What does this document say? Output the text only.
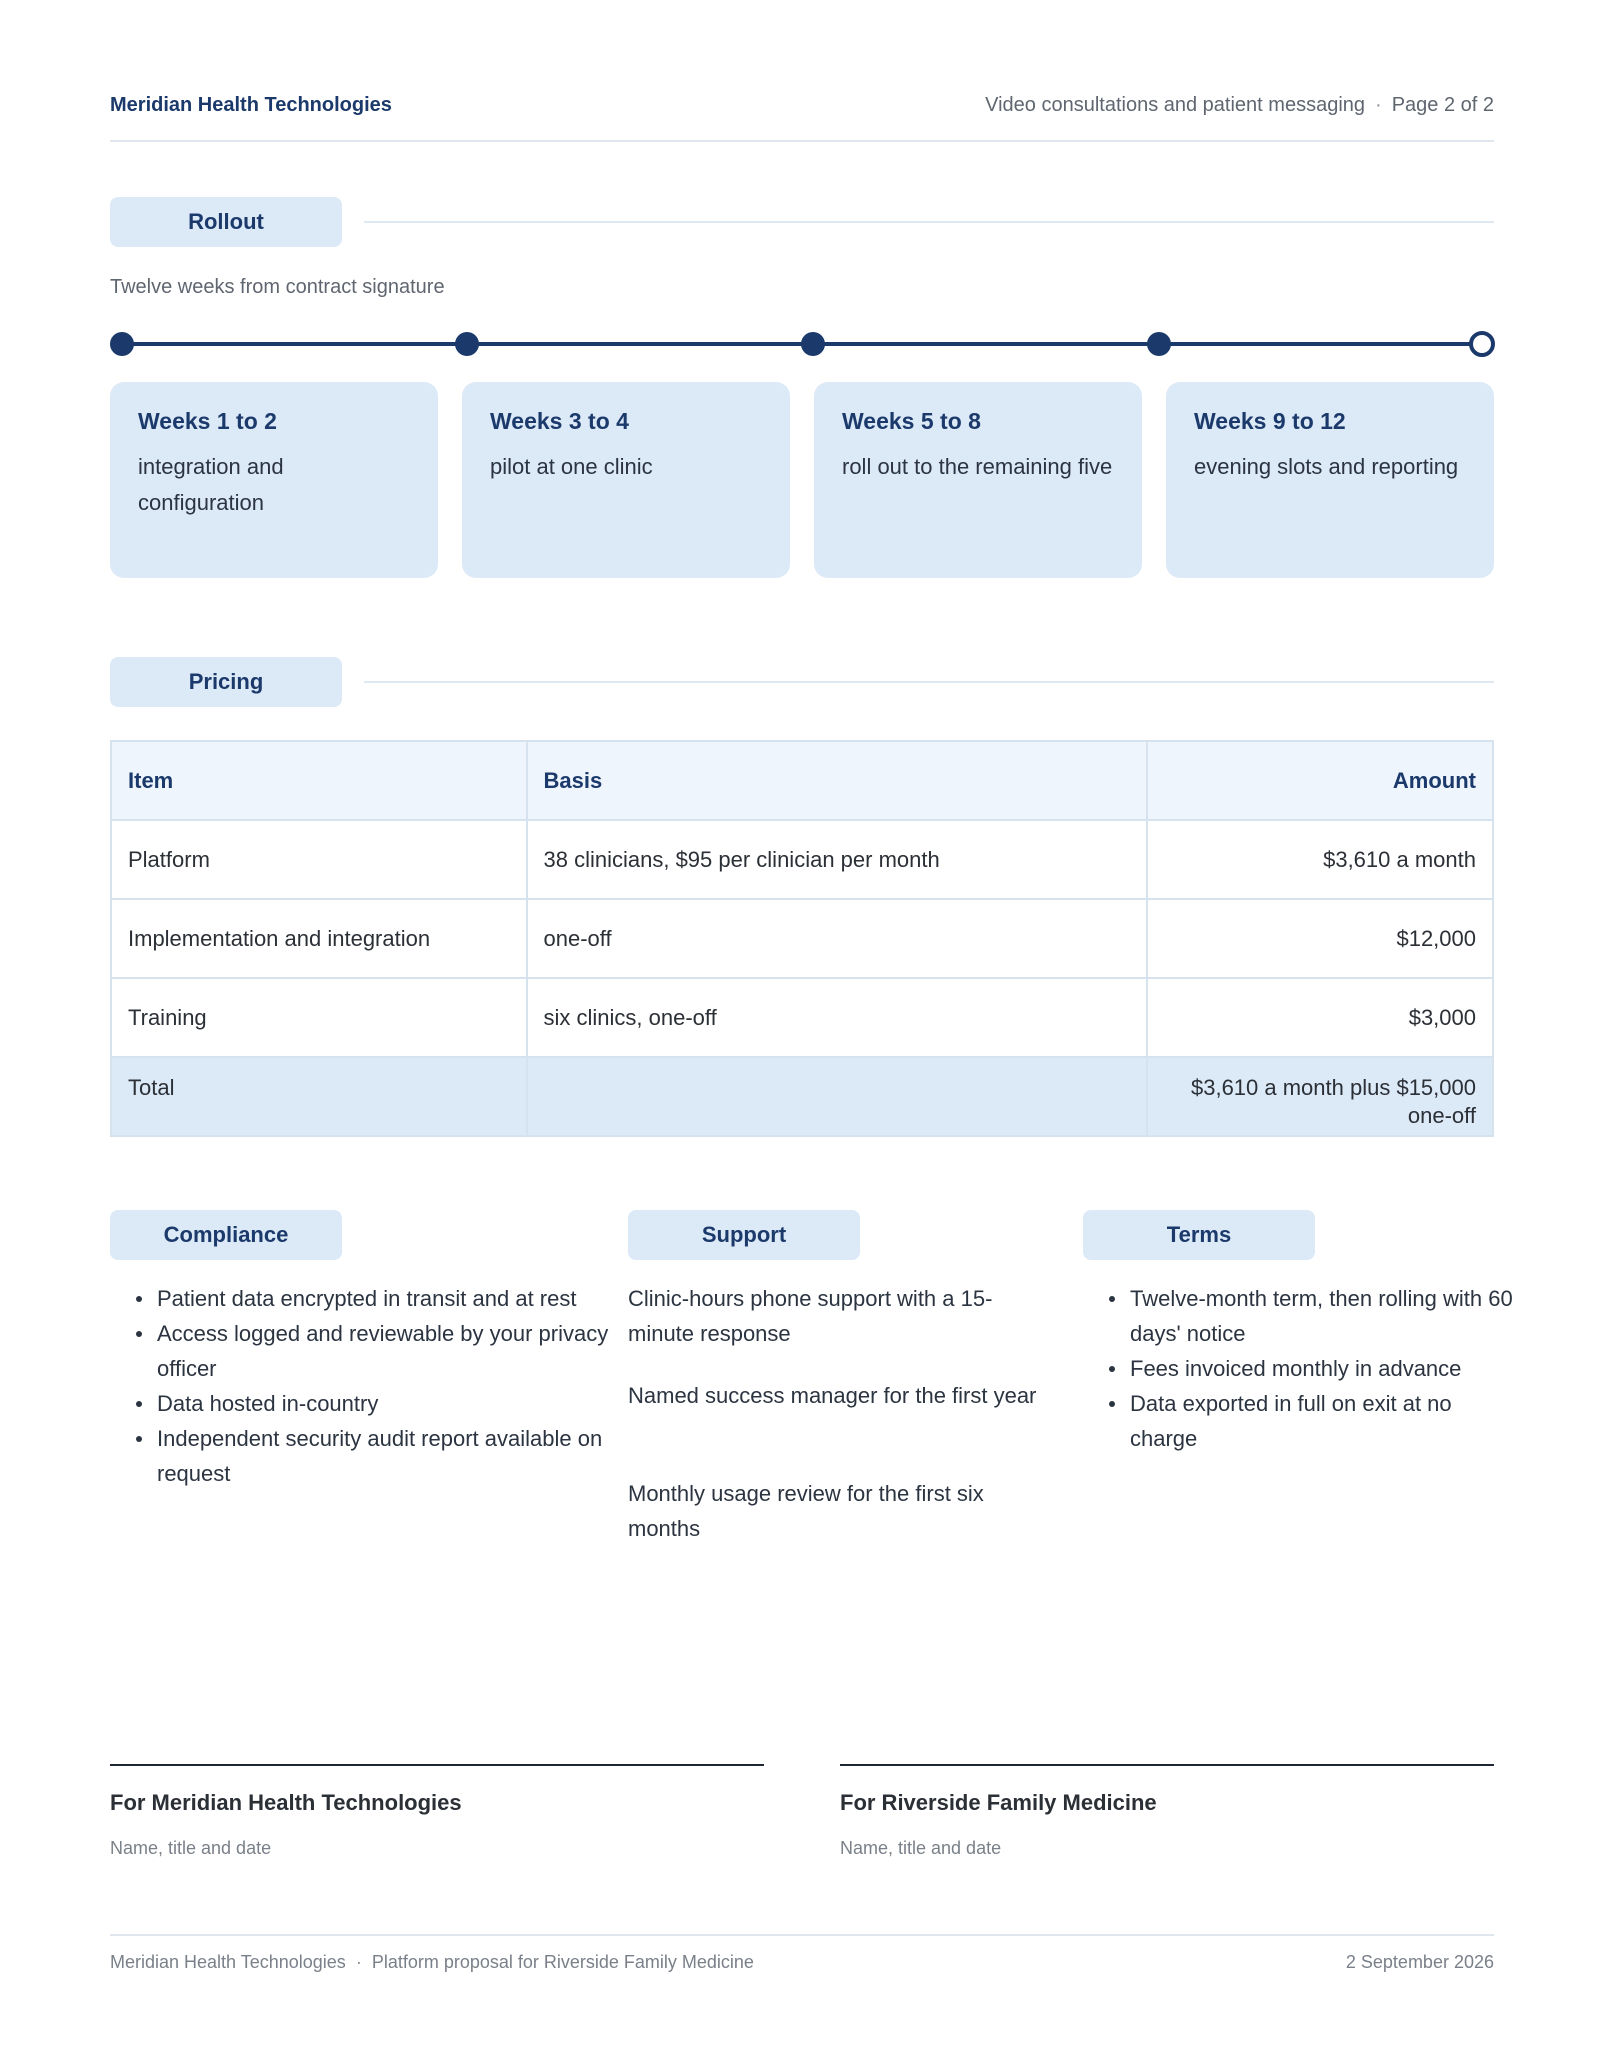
Meridian Health Technologies	Video consultations and patient messaging · Page 2 of 2
Rollout
Twelve weeks from contract signature
Weeks 1 to 2
integration and configuration
Weeks 3 to 4
pilot at one clinic
Weeks 5 to 8
roll out to the remaining five
Weeks 9 to 12
evening slots and reporting
Pricing
Item	Basis	Amount
Platform	38 clinicians, $95 per clinician per month	$3,610 a month
Implementation and integration	one-off	$12,000
Training	six clinics, one-off	$3,000
Total		$3,610 a month plus $15,000 one-off
Compliance
Patient data encrypted in transit and at rest
Access logged and reviewable by your privacy officer
Data hosted in-country
Independent security audit report available on request
Support

Clinic-hours phone support with a 15-minute response

Named success manager for the first year

Monthly usage review for the first six months

Terms
Twelve-month term, then rolling with 60 days' notice
Fees invoiced monthly in advance
Data exported in full on exit at no charge
For Meridian Health Technologies
Name, title and date
For Riverside Family Medicine
Name, title and date
Meridian Health Technologies · Platform proposal for Riverside Family Medicine	2 September 2026
